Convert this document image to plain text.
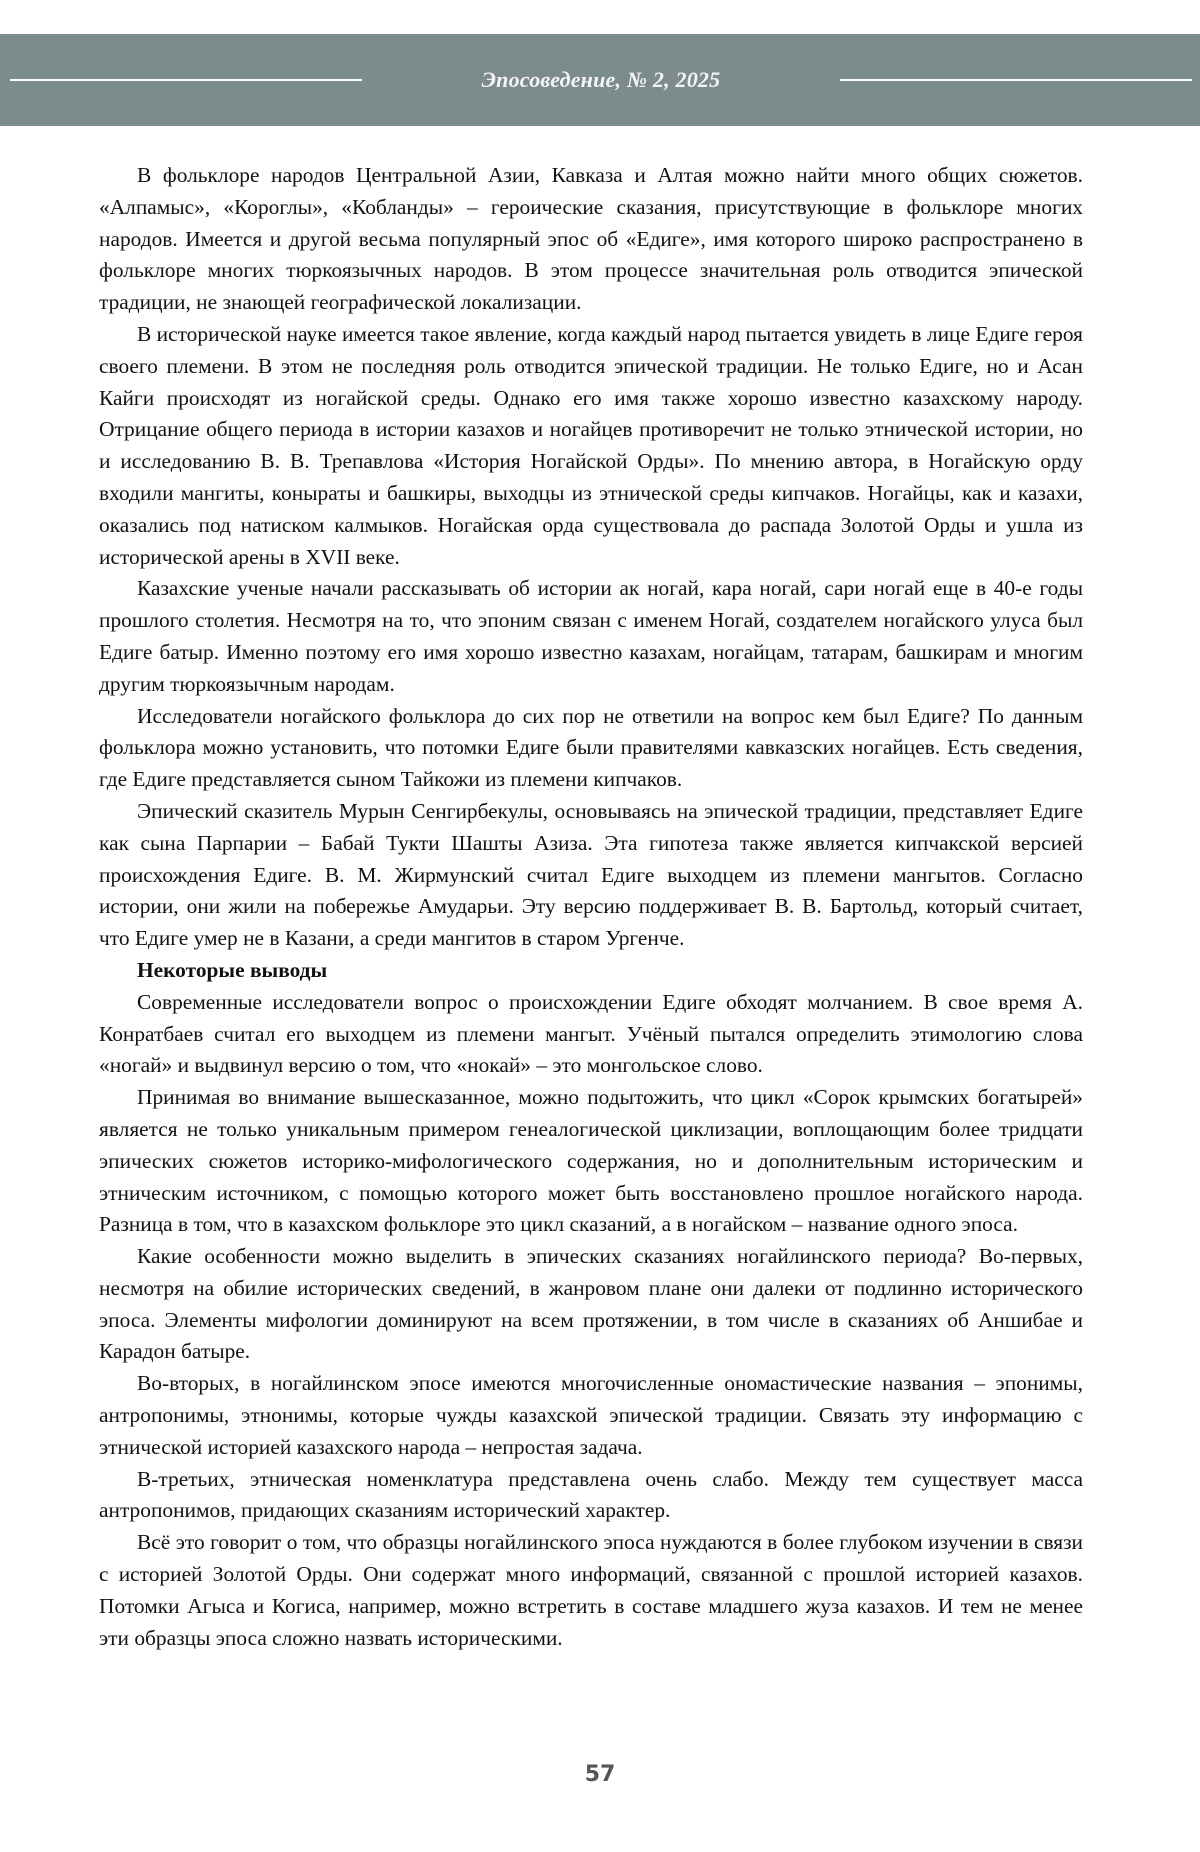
Эпосоведение, № 2, 2025

В фольклоре народов Центральной Азии, Кавказа и Алтая можно найти много общих сюжетов. «Алпамыс», «Короглы», «Кобланды» – героические сказания, присутствующие в фольклоре многих народов. Имеется и другой весьма популярный эпос об «Едиге», имя которого широко распространено в фольклоре многих тюркоязычных народов. В этом процессе значительная роль отводится эпической традиции, не знающей географической локализации.

В исторической науке имеется такое явление, когда каждый народ пытается увидеть в лице Едиге героя своего племени. В этом не последняя роль отводится эпической традиции. Не только Едиге, но и Асан Кайги происходят из ногайской среды. Однако его имя также хорошо известно казахскому народу. Отрицание общего периода в истории казахов и ногайцев противоречит не только этнической истории, но и исследованию В. В. Трепавлова «История Ногайской Орды». По мнению автора, в Ногайскую орду входили мангиты, коныраты и башкиры, выходцы из этнической среды кипчаков. Ногайцы, как и казахи, оказались под натиском калмыков. Ногайская орда существовала до распада Золотой Орды и ушла из исторической арены в XVII веке.

Казахские ученые начали рассказывать об истории ак ногай, кара ногай, сари ногай еще в 40-е годы прошлого столетия. Несмотря на то, что эпоним связан с именем Ногай, создателем ногайского улуса был Едиге батыр. Именно поэтому его имя хорошо известно казахам, ногайцам, татарам, башкирам и многим другим тюркоязычным народам.

Исследователи ногайского фольклора до сих пор не ответили на вопрос кем был Едиге? По данным фольклора можно установить, что потомки Едиге были правителями кавказских ногайцев. Есть сведения, где Едиге представляется сыном Тайкожи из племени кипчаков.

Эпический сказитель Мурын Сенгирбекулы, основываясь на эпической традиции, представляет Едиге как сына Парпарии – Бабай Тукти Шашты Азиза. Эта гипотеза также является кипчакской версией происхождения Едиге. В. М. Жирмунский считал Едиге выходцем из племени мангытов. Согласно истории, они жили на побережье Амударьи. Эту версию поддерживает В. В. Бартольд, который считает, что Едиге умер не в Казани, а среди мангитов в старом Ургенче.

Некоторые выводы

Современные исследователи вопрос о происхождении Едиге обходят молчанием. В свое время А. Конратбаев считал его выходцем из племени мангыт. Учёный пытался определить этимологию слова «ногай» и выдвинул версию о том, что «нокай» – это монгольское слово.

Принимая во внимание вышесказанное, можно подытожить, что цикл «Сорок крымских богатырей» является не только уникальным примером генеалогической циклизации, воплощающим более тридцати эпических сюжетов историко-мифологического содержания, но и дополнительным историческим и этническим источником, с помощью которого может быть восстановлено прошлое ногайского народа. Разница в том, что в казахском фольклоре это цикл сказаний, а в ногайском – название одного эпоса.

Какие особенности можно выделить в эпических сказаниях ногайлинского периода? Во-первых, несмотря на обилие исторических сведений, в жанровом плане они далеки от подлинно исторического эпоса. Элементы мифологии доминируют на всем протяжении, в том числе в сказаниях об Аншибае и Карадон батыре.

Во-вторых, в ногайлинском эпосе имеются многочисленные ономастические названия – эпонимы, антропонимы, этнонимы, которые чужды казахской эпической традиции. Связать эту информацию с этнической историей казахского народа – непростая задача.

В-третьих, этническая номенклатура представлена очень слабо. Между тем существует масса антропонимов, придающих сказаниям исторический характер.

Всё это говорит о том, что образцы ногайлинского эпоса нуждаются в более глубоком изучении в связи с историей Золотой Орды. Они содержат много информаций, связанной с прошлой историей казахов. Потомки Агыса и Когиса, например, можно встретить в составе младшего жуза казахов. И тем не менее эти образцы эпоса сложно назвать историческими.

57
